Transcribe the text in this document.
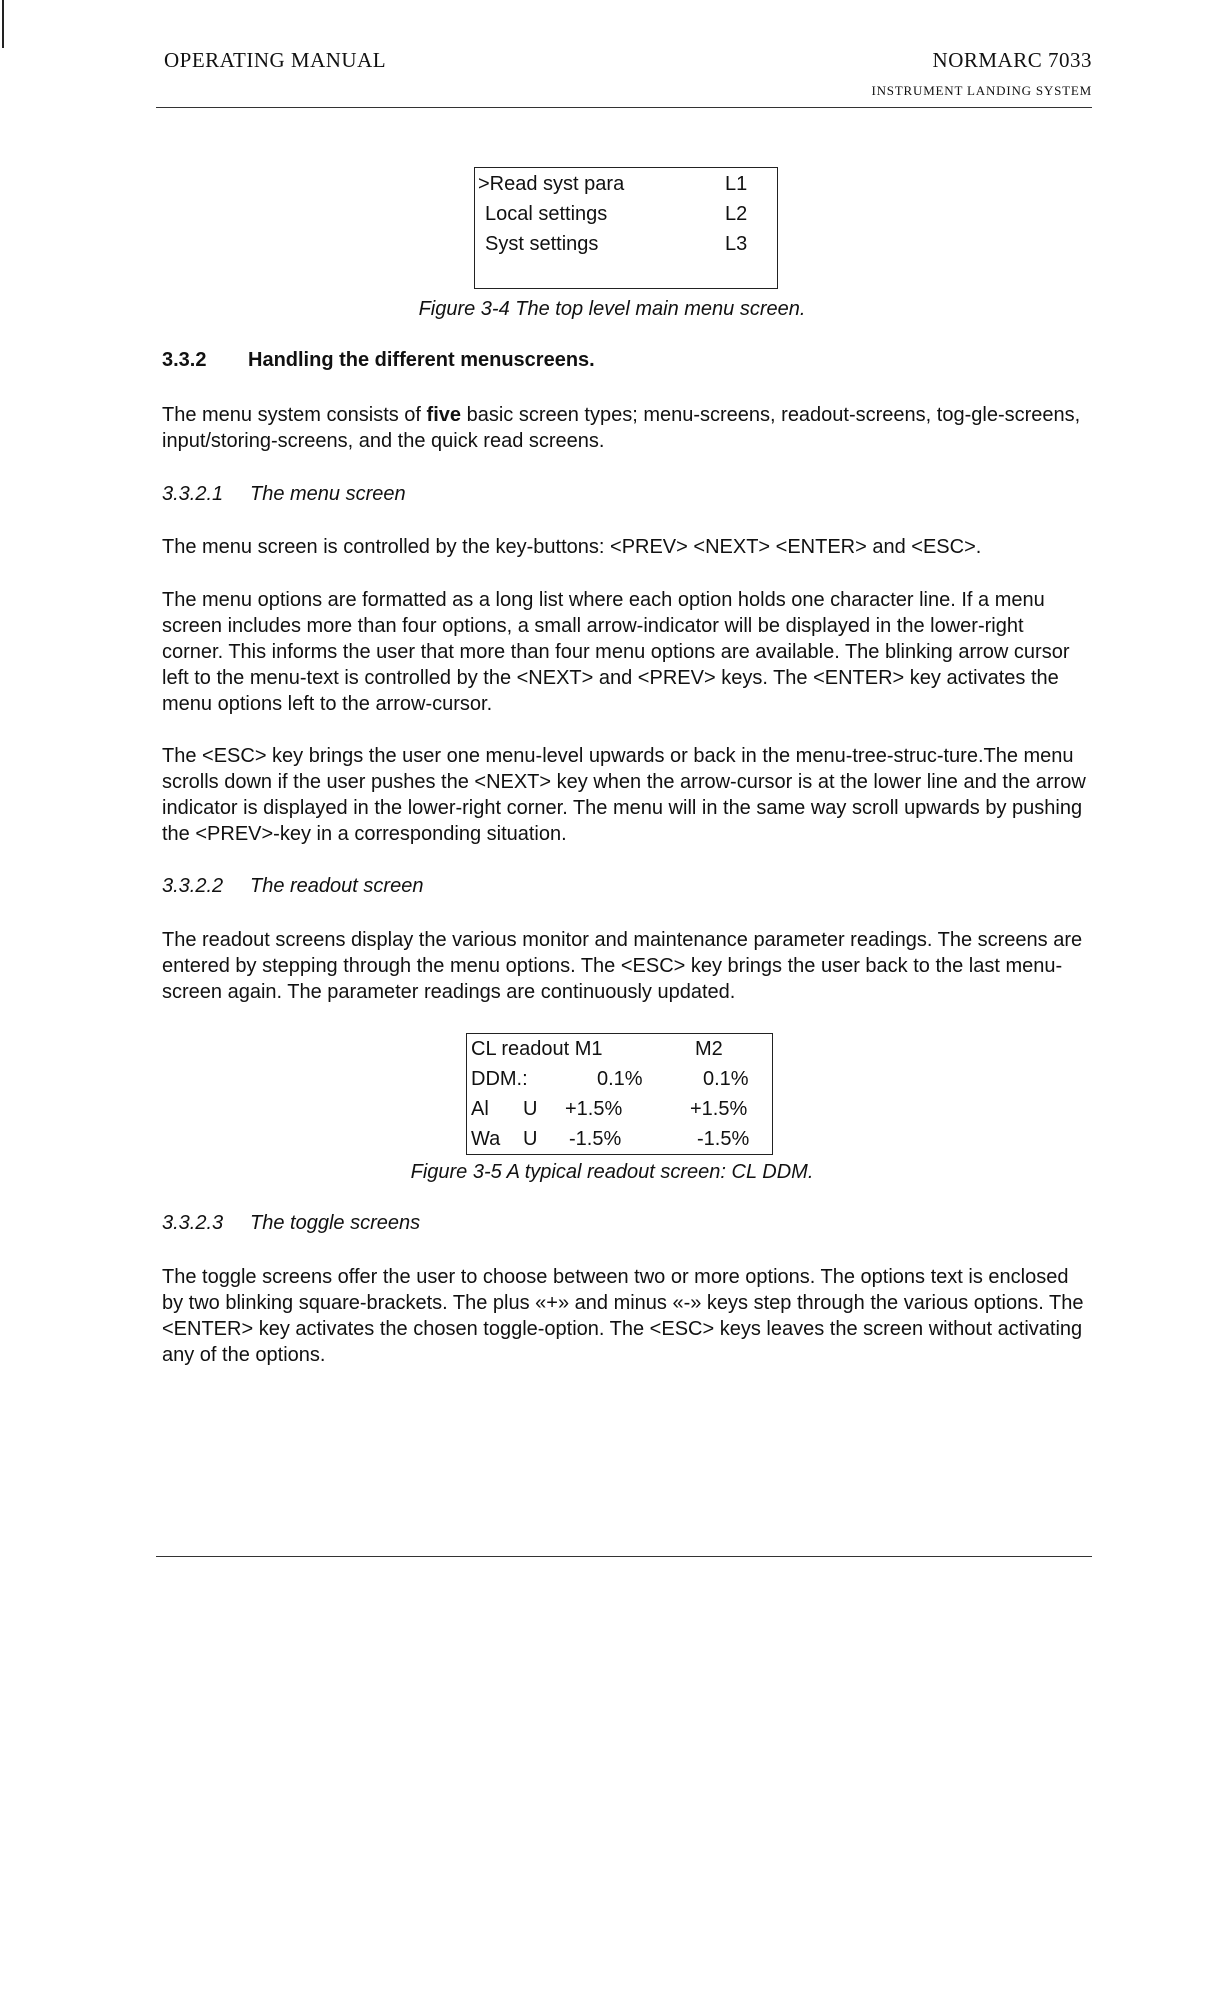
OPERATING MANUAL	NORMARC 7033
INSTRUMENT LANDING SYSTEM
>Read syst para	L1
Local settings	L2
Syst settings	L3
Figure 3-4 The top level main menu screen.
3.3.2 Handling the different menuscreens.

The menu system consists of five basic screen types; menu-screens, readout-screens, tog-gle-screens, input/storing-screens, and the quick read screens.

3.3.2.1 The menu screen

The menu screen is controlled by the key-buttons: <PREV> <NEXT> <ENTER> and <ESC>.

The menu options are formatted as a long list where each option holds one character line. If a menu screen includes more than four options, a small arrow-indicator will be displayed in the lower-right corner. This informs the user that more than four menu options are available. The blinking arrow cursor left to the menu-text is controlled by the <NEXT> and <PREV> keys. The <ENTER> key activates the menu options left to the arrow-cursor.

The <ESC> key brings the user one menu-level upwards or back in the menu-tree-struc-ture.The menu scrolls down if the user pushes the <NEXT> key when the arrow-cursor is at the lower line and the arrow indicator is displayed in the lower-right corner. The menu will in the same way scroll upwards by pushing the <PREV>-key in a corresponding situation.

3.3.2.2 The readout screen

The readout screens display the various monitor and maintenance parameter readings. The screens are entered by stepping through the menu options. The <ESC> key brings the user back to the last menu-screen again. The parameter readings are continuously updated.

CL readout M1	M2
DDM.:	0.1%	0.1%
Al U +1.5%	+1.5%
Wa U -1.5%	-1.5%
Figure 3-5 A typical readout screen: CL DDM.
3.3.2.3 The toggle screens

The toggle screens offer the user to choose between two or more options. The options text is enclosed by two blinking square-brackets. The plus «+» and minus «-» keys step through the various options. The <ENTER> key activates the chosen toggle-option. The <ESC> keys leaves the screen without activating any of the options.
